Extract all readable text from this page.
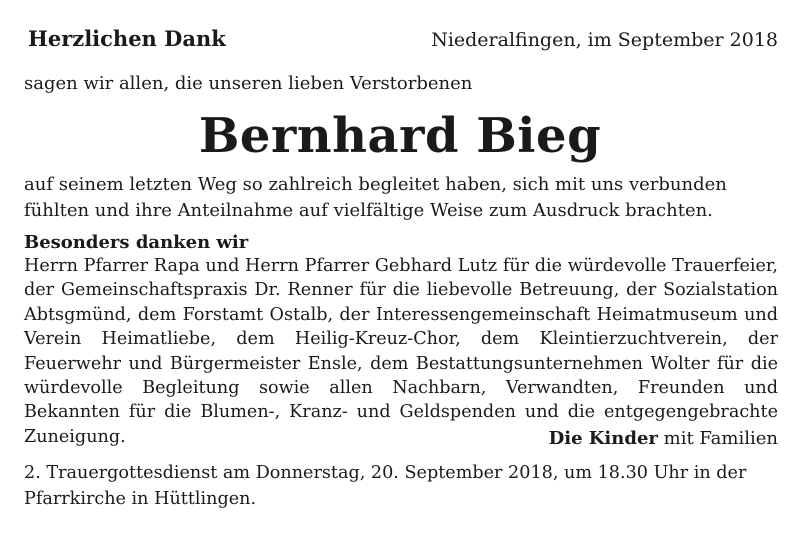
Herzlichen Dank	Niederalfingen, im September 2018
sagen wir allen, die unseren lieben Verstorbenen
Bernhard Bieg
auf seinem letzten Weg so zahlreich begleitet haben, sich mit uns verbunden fühlten und ihre Anteilnahme auf vielfältige Weise zum Ausdruck brachten.
Besonders danken wir
Herrn Pfarrer Rapa und Herrn Pfarrer Gebhard Lutz für die würdevolle Trauerfeier, der Gemeinschaftspraxis Dr. Renner für die liebevolle Betreuung, der Sozialstation Abtsgmünd, dem Forstamt Ostalb, der Interessengemeinschaft Heimatmuseum und Verein Heimatliebe, dem Heilig-Kreuz-Chor, dem Kleintierzuchtverein, der Feuerwehr und Bürgermeister Ensle, dem Bestattungsunternehmen Wolter für die würdevolle Begleitung sowie allen Nachbarn, Verwandten, Freunden und Bekannten für die Blumen-, Kranz- und Geldspenden und die entgegengebrachte Zuneigung.	Die Kinder mit Familien
2. Trauergottesdienst am Donnerstag, 20. September 2018, um 18.30 Uhr in der Pfarrkirche in Hüttlingen.
